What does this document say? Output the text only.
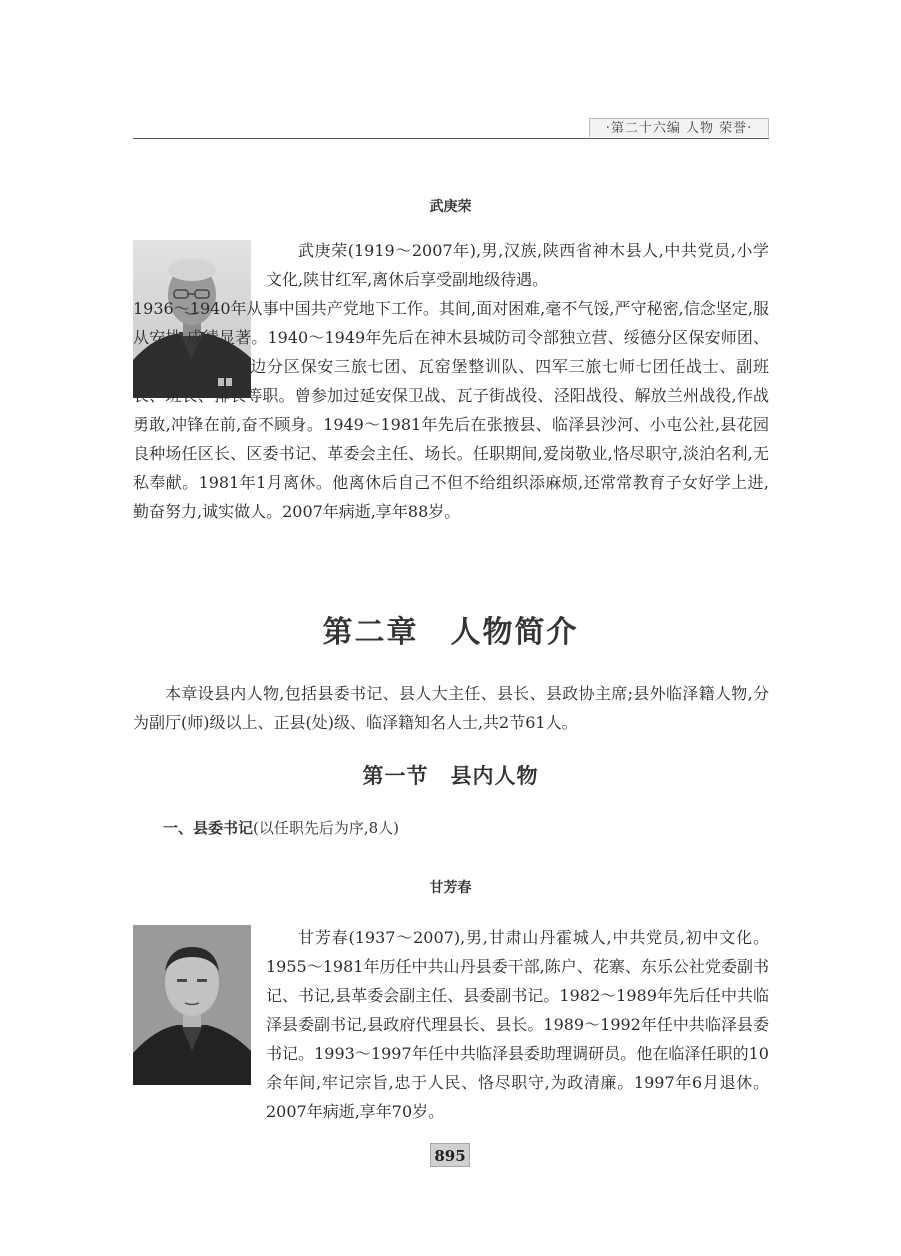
·第二十六编 人物 荣誉·
武庚荣

武庚荣(1919～2007年),男,汉族,陕西省神木县人,中共党员,小学文化,陕甘红军,离休后享受副地级待遇。

1936～1940年从事中国共产党地下工作。其间,面对困难,毫不气馁,严守秘密,信念坚定,服从安排,成绩显著。1940～1949年先后在神木县城防司令部独立营、绥德分区保安师团、甘泉保安团、定边分区保安三旅七团、瓦窑堡整训队、四军三旅七师七团任战士、副班长、班长、排长等职。曾参加过延安保卫战、瓦子街战役、泾阳战役、解放兰州战役,作战勇敢,冲锋在前,奋不顾身。1949～1981年先后在张掖县、临泽县沙河、小屯公社,县花园良种场任区长、区委书记、革委会主任、场长。任职期间,爱岗敬业,恪尽职守,淡泊名利,无私奉献。1981年1月离休。他离休后自己不但不给组织添麻烦,还常常教育子女好学上进,勤奋努力,诚实做人。2007年病逝,享年88岁。

第二章　人物简介

本章设县内人物,包括县委书记、县人大主任、县长、县政协主席;县外临泽籍人物,分为副厅(师)级以上、正县(处)级、临泽籍知名人士,共2节61人。

第一节　县内人物
一、县委书记(以任职先后为序,8人)
甘芳春

甘芳春(1937～2007),男,甘肃山丹霍城人,中共党员,初中文化。1955～1981年历任中共山丹县委干部,陈户、花寨、东乐公社党委副书记、书记,县革委会副主任、县委副书记。1982～1989年先后任中共临泽县委副书记,县政府代理县长、县长。1989～1992年任中共临泽县委书记。1993～1997年任中共临泽县委助理调研员。他在临泽任职的10余年间,牢记宗旨,忠于人民、恪尽职守,为政清廉。1997年6月退休。2007年病逝,享年70岁。

895
